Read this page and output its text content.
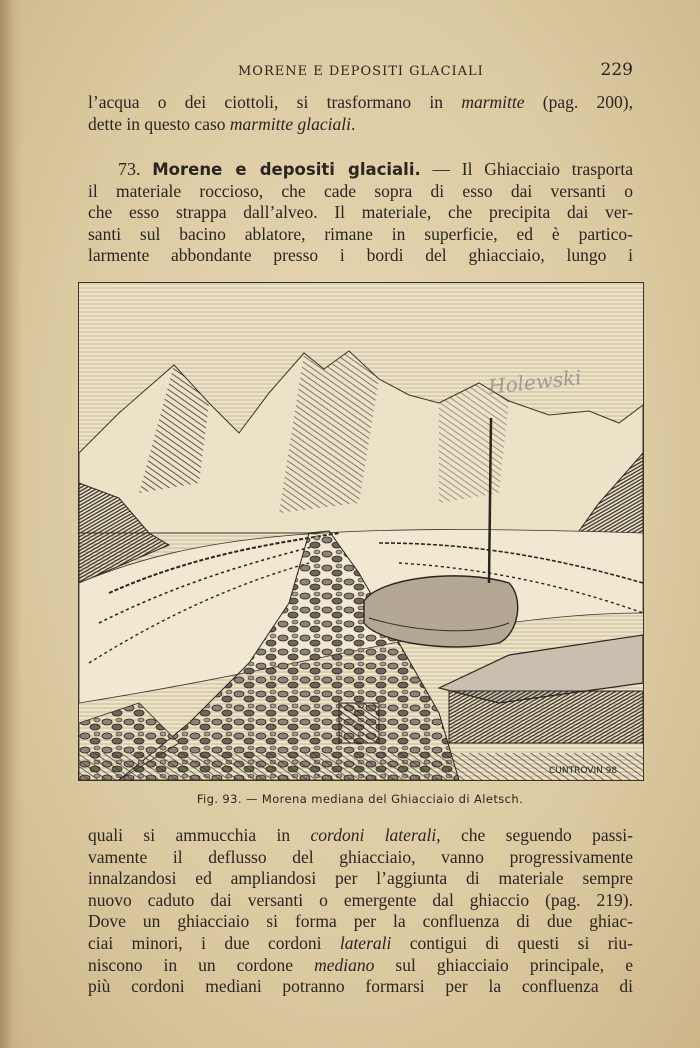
MORENE E DEPOSITI GLACIALI	229
l’acqua o dei ciottoli, si trasformano in marmitte (pag. 200),
dette in questo caso marmitte glaciali.
73. Morene e depositi glaciali. — Il Ghiacciaio trasporta
il materiale roccioso, che cade sopra di esso dai versanti o
che esso strappa dall’alveo. Il materiale, che precipita dai ver-
santi sul bacino ablatore, rimane in superficie, ed è partico-
larmente abbondante presso i bordi del ghiacciaio, lungo i
CUNTROVIN 98
Holewski
Fig. 93. — Morena mediana del Ghiacciaio di Aletsch.
quali si ammucchia in cordoni laterali, che seguendo passi-
vamente il deflusso del ghiacciaio, vanno progressivamente
innalzandosi ed ampliandosi per l’aggiunta di materiale sempre
nuovo caduto dai versanti o emergente dal ghiaccio (pag. 219).
Dove un ghiacciaio si forma per la confluenza di due ghiac-
ciai minori, i due cordoni laterali contigui di questi si riu-
niscono in un cordone mediano sul ghiacciaio principale, e
più cordoni mediani potranno formarsi per la confluenza di
